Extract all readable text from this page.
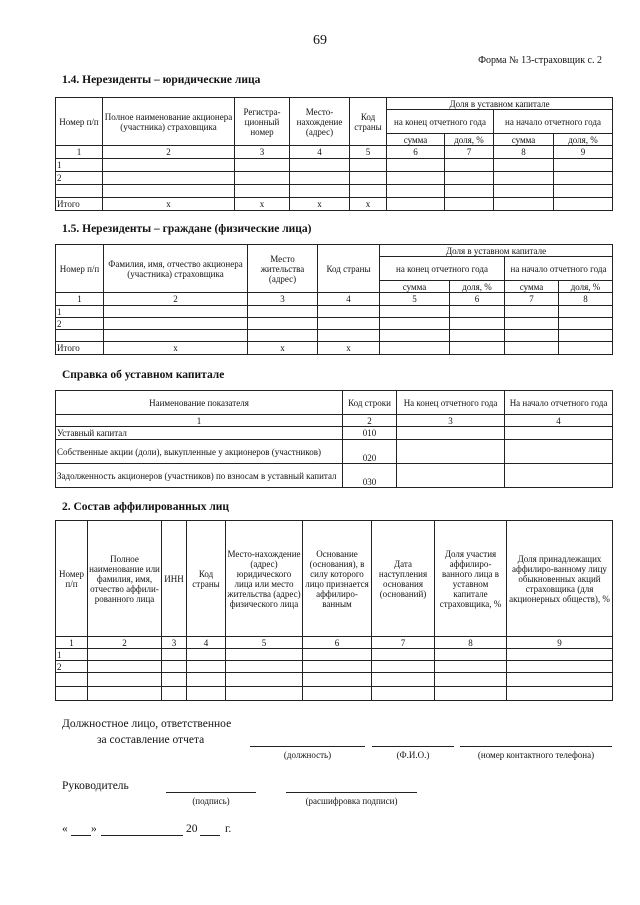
69
Форма № 13-страховщик с. 2
1.4. Нерезиденты – юридические лица
Номер п/п	Полное наименование акционера (участника) страховщика	Регистра-ционный номер	Место-нахождение (адрес)	Код страны	Доля в уставном капитале			
					на конец отчетного года		на начало отчетного года	
					сумма	доля, %	сумма	доля, %
1	2	3	4	5	6	7	8	9
1								
2								

Итого	x	x	x	x				
1.5. Нерезиденты – граждане (физические лица)
Номер п/п	Фамилия, имя, отчество акционера (участника) страховщика	Место жительства (адрес)	Код страны	Доля в уставном капитале			
				на конец отчетного года		на начало отчетного года	
				сумма	доля, %	сумма	доля, %
1	2	3	4	5	6	7	8
1							
2							

Итого	x	x	x				
Справка об уставном капитале
Наименование показателя	Код строки	На конец отчетного года	На начало отчетного года
1	2	3	4
Уставный капитал	010		
Собственные акции (доли), выкупленные у акционеров (участников)	020		
Задолженность акционеров (участников) по взносам в уставный капитал	030		
2. Состав аффилированных лиц
Номер п/п	Полное наименование или фамилия, имя, отчество аффили-рованного лица	ИНН	Код страны	Место-нахождение (адрес) юридического лица или место жительства (адрес) физического лица	Основание (основания), в силу которого лицо признается аффилиро-ванным	Дата наступления основания (оснований)	Доля участия аффилиро-ванного лица в уставном капитале страховщика, %	Доля принадлежащих аффилиро-ванному лицу обыкновенных акций страховщика (для акционерных обществ), %
1	2	3	4	5	6	7	8	9
1								
2								

Должностное лицо, ответственное
за составление отчета
(должность)	(Ф.И.О.)	(номер контактного телефона)
Руководитель
(подпись)	(расшифровка подписи)
« »	20 г.
